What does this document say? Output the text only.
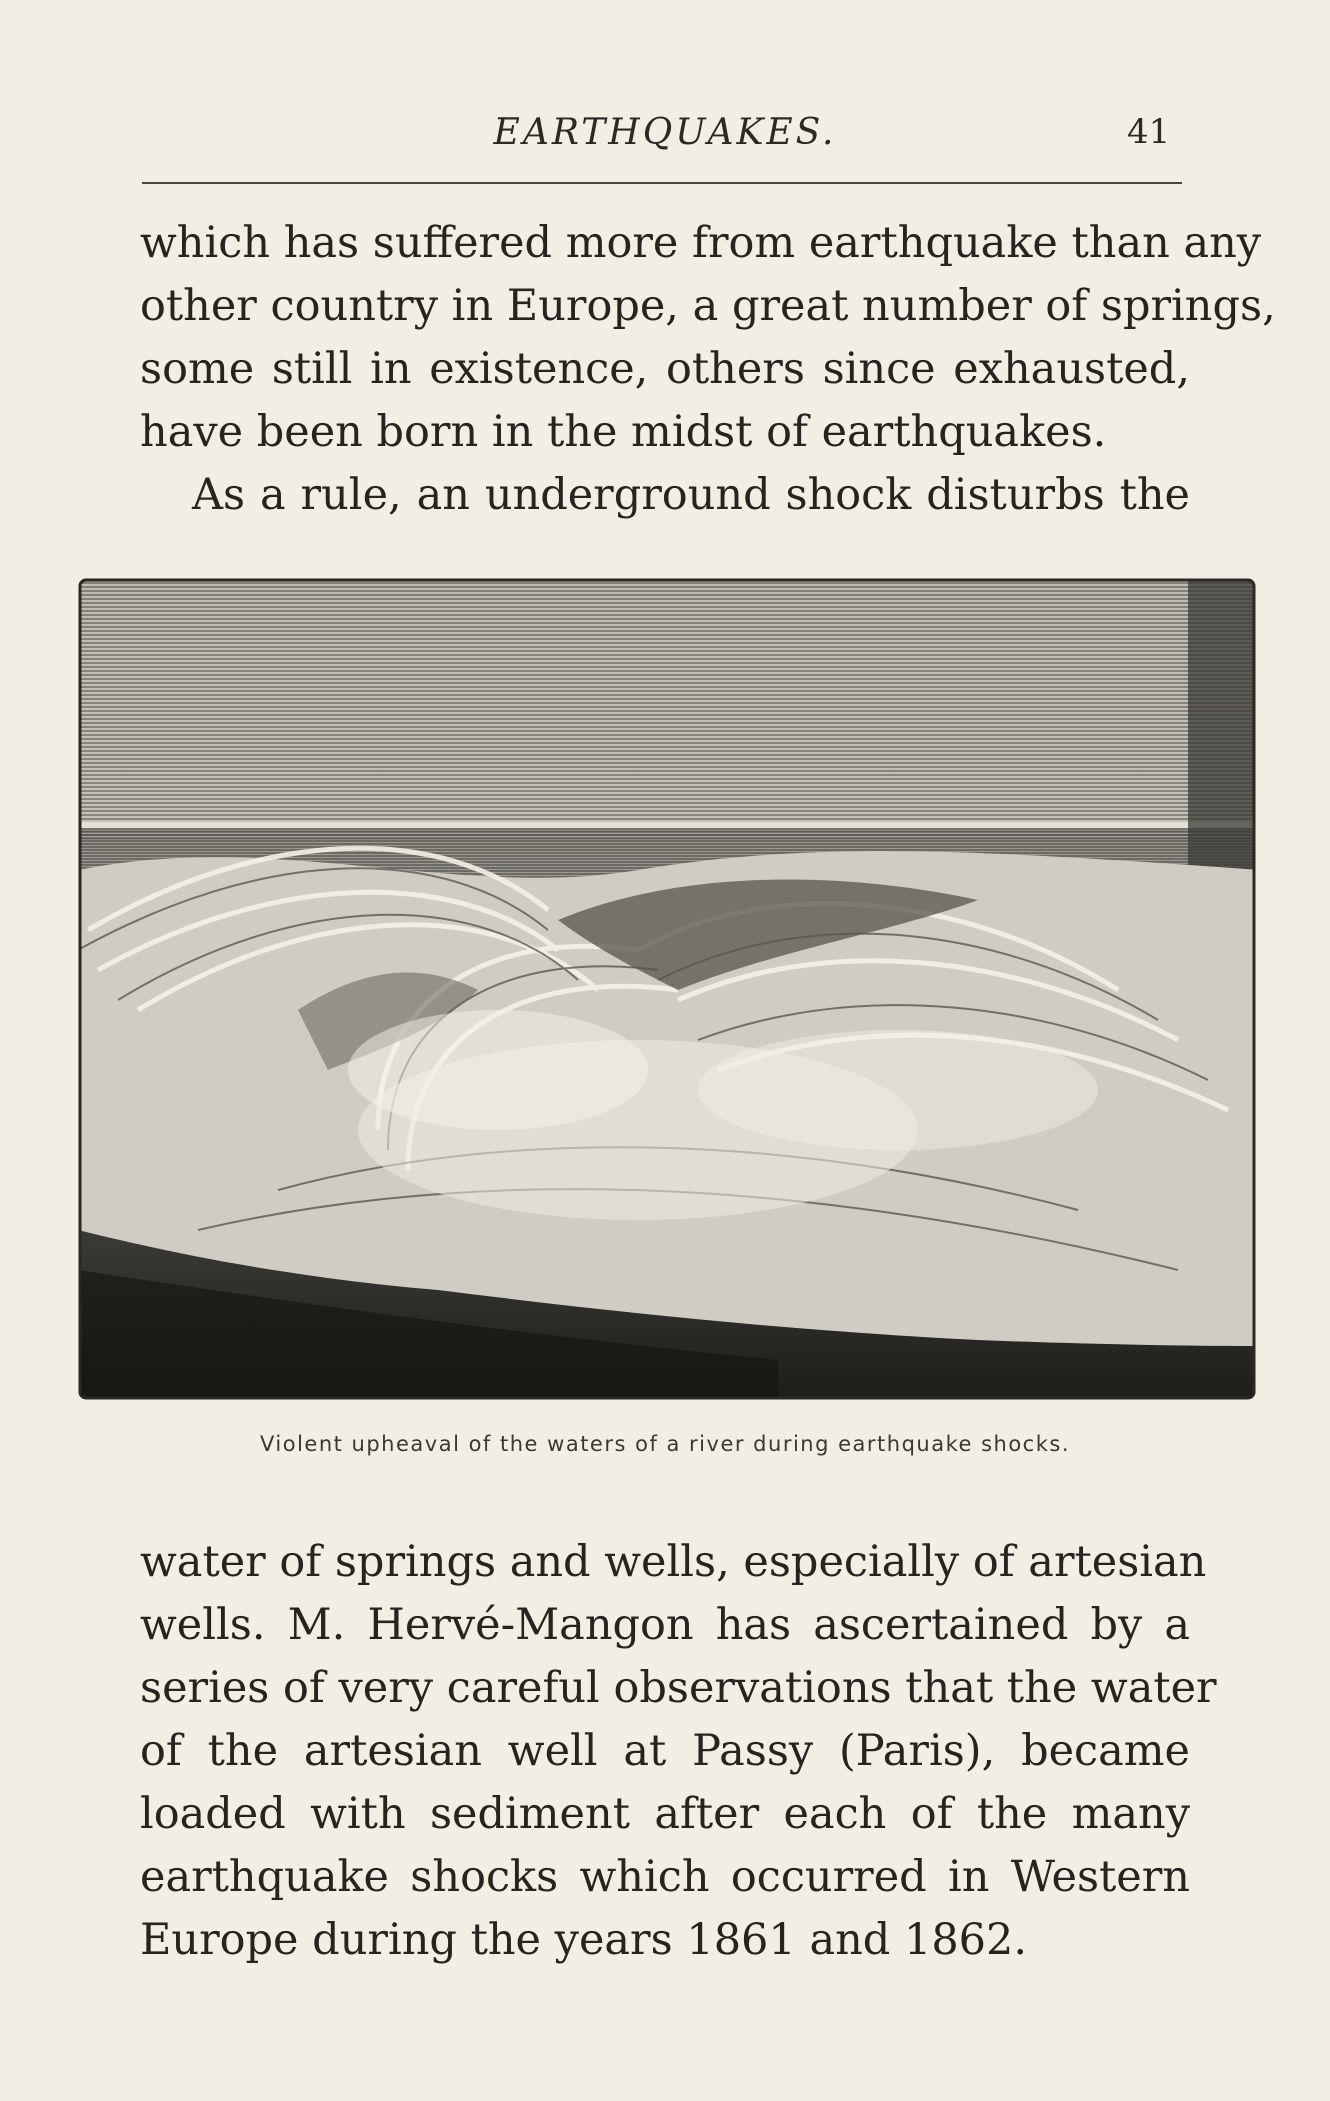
EARTHQUAKES.	41
which has suffered more from earthquake than any
other country in Europe, a great number of springs,
some still in existence, others since exhausted,
have been born in the midst of earthquakes.
As a rule, an underground shock disturbs the
Violent upheaval of the waters of a river during earthquake shocks.
water of springs and wells, especially of artesian
wells. M. Hervé-Mangon has ascertained by a
series of very careful observations that the water
of the artesian well at Passy (Paris), became
loaded with sediment after each of the many
earthquake shocks which occurred in Western
Europe during the years 1861 and 1862.
